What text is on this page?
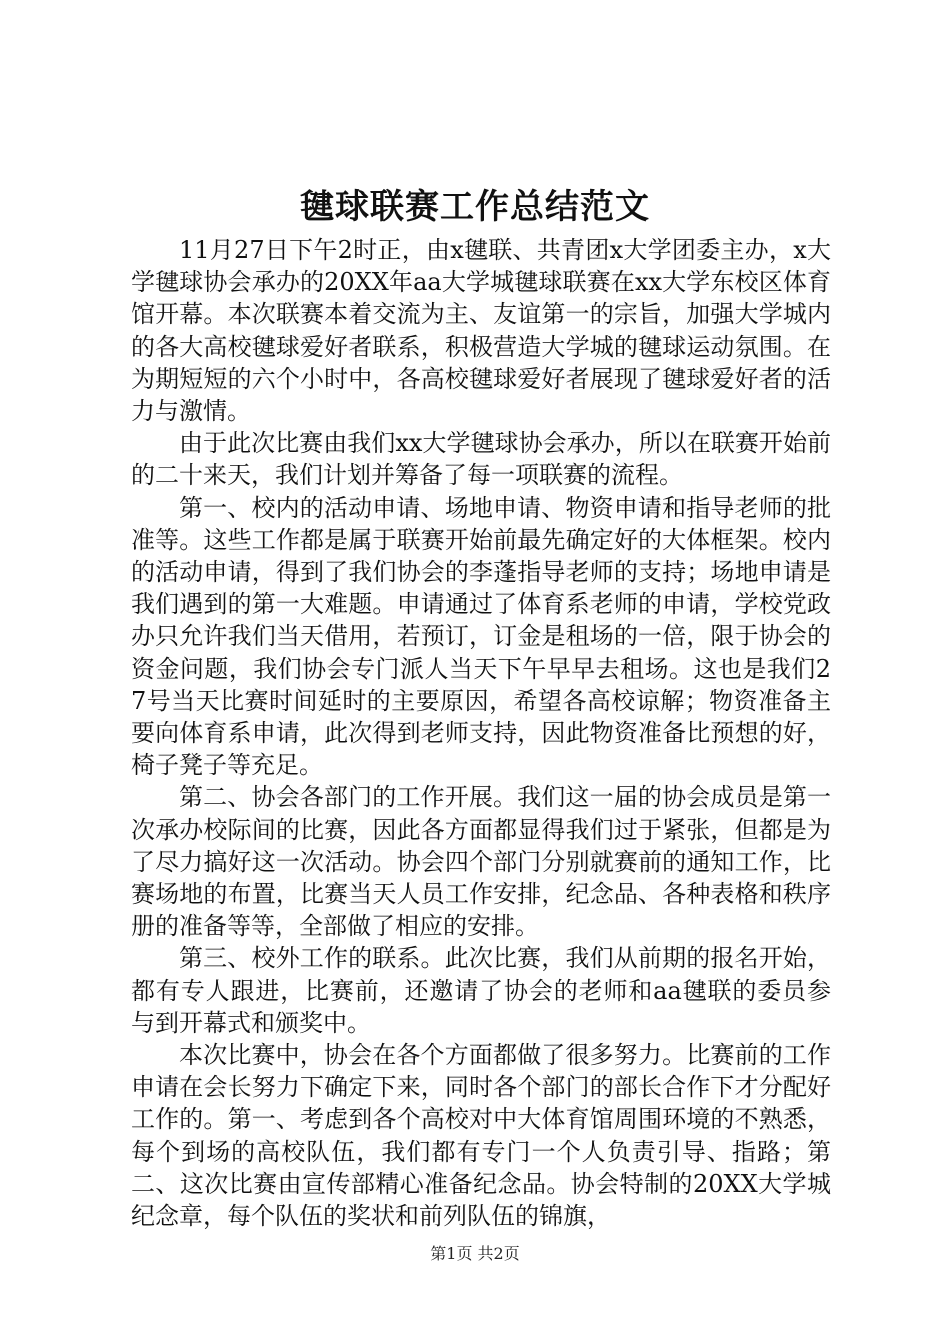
毽球联赛工作总结范文

11月27日下午2时正，由x毽联、共青团x大学团委主办，x大学毽球协会承办的20XX年aa大学城毽球联赛在xx大学东校区体育馆开幕。本次联赛本着交流为主、友谊第一的宗旨，加强大学城内的各大高校毽球爱好者联系，积极营造大学城的毽球运动氛围。在为期短短的六个小时中，各高校毽球爱好者展现了毽球爱好者的活力与激情。

由于此次比赛由我们xx大学毽球协会承办，所以在联赛开始前的二十来天，我们计划并筹备了每一项联赛的流程。

第一、校内的活动申请、场地申请、物资申请和指导老师的批准等。这些工作都是属于联赛开始前最先确定好的大体框架。校内的活动申请，得到了我们协会的李蓬指导老师的支持；场地申请是我们遇到的第一大难题。申请通过了体育系老师的申请，学校党政办只允许我们当天借用，若预订，订金是租场的一倍，限于协会的资金问题，我们协会专门派人当天下午早早去租场。这也是我们27号当天比赛时间延时的主要原因，希望各高校谅解；物资准备主要向体育系申请，此次得到老师支持，因此物资准备比预想的好，椅子凳子等充足。

第二、协会各部门的工作开展。我们这一届的协会成员是第一次承办校际间的比赛，因此各方面都显得我们过于紧张，但都是为了尽力搞好这一次活动。协会四个部门分别就赛前的通知工作，比赛场地的布置，比赛当天人员工作安排，纪念品、各种表格和秩序册的准备等等，全部做了相应的安排。

第三、校外工作的联系。此次比赛，我们从前期的报名开始，都有专人跟进，比赛前，还邀请了协会的老师和aa毽联的委员参与到开幕式和颁奖中。

本次比赛中，协会在各个方面都做了很多努力。比赛前的工作申请在会长努力下确定下来，同时各个部门的部长合作下才分配好工作的。第一、考虑到各个高校对中大体育馆周围环境的不熟悉，每个到场的高校队伍，我们都有专门一个人负责引导、指路；第二、这次比赛由宣传部精心准备纪念品。协会特制的20XX大学城纪念章，每个队伍的奖状和前列队伍的锦旗，

第1页 共2页
